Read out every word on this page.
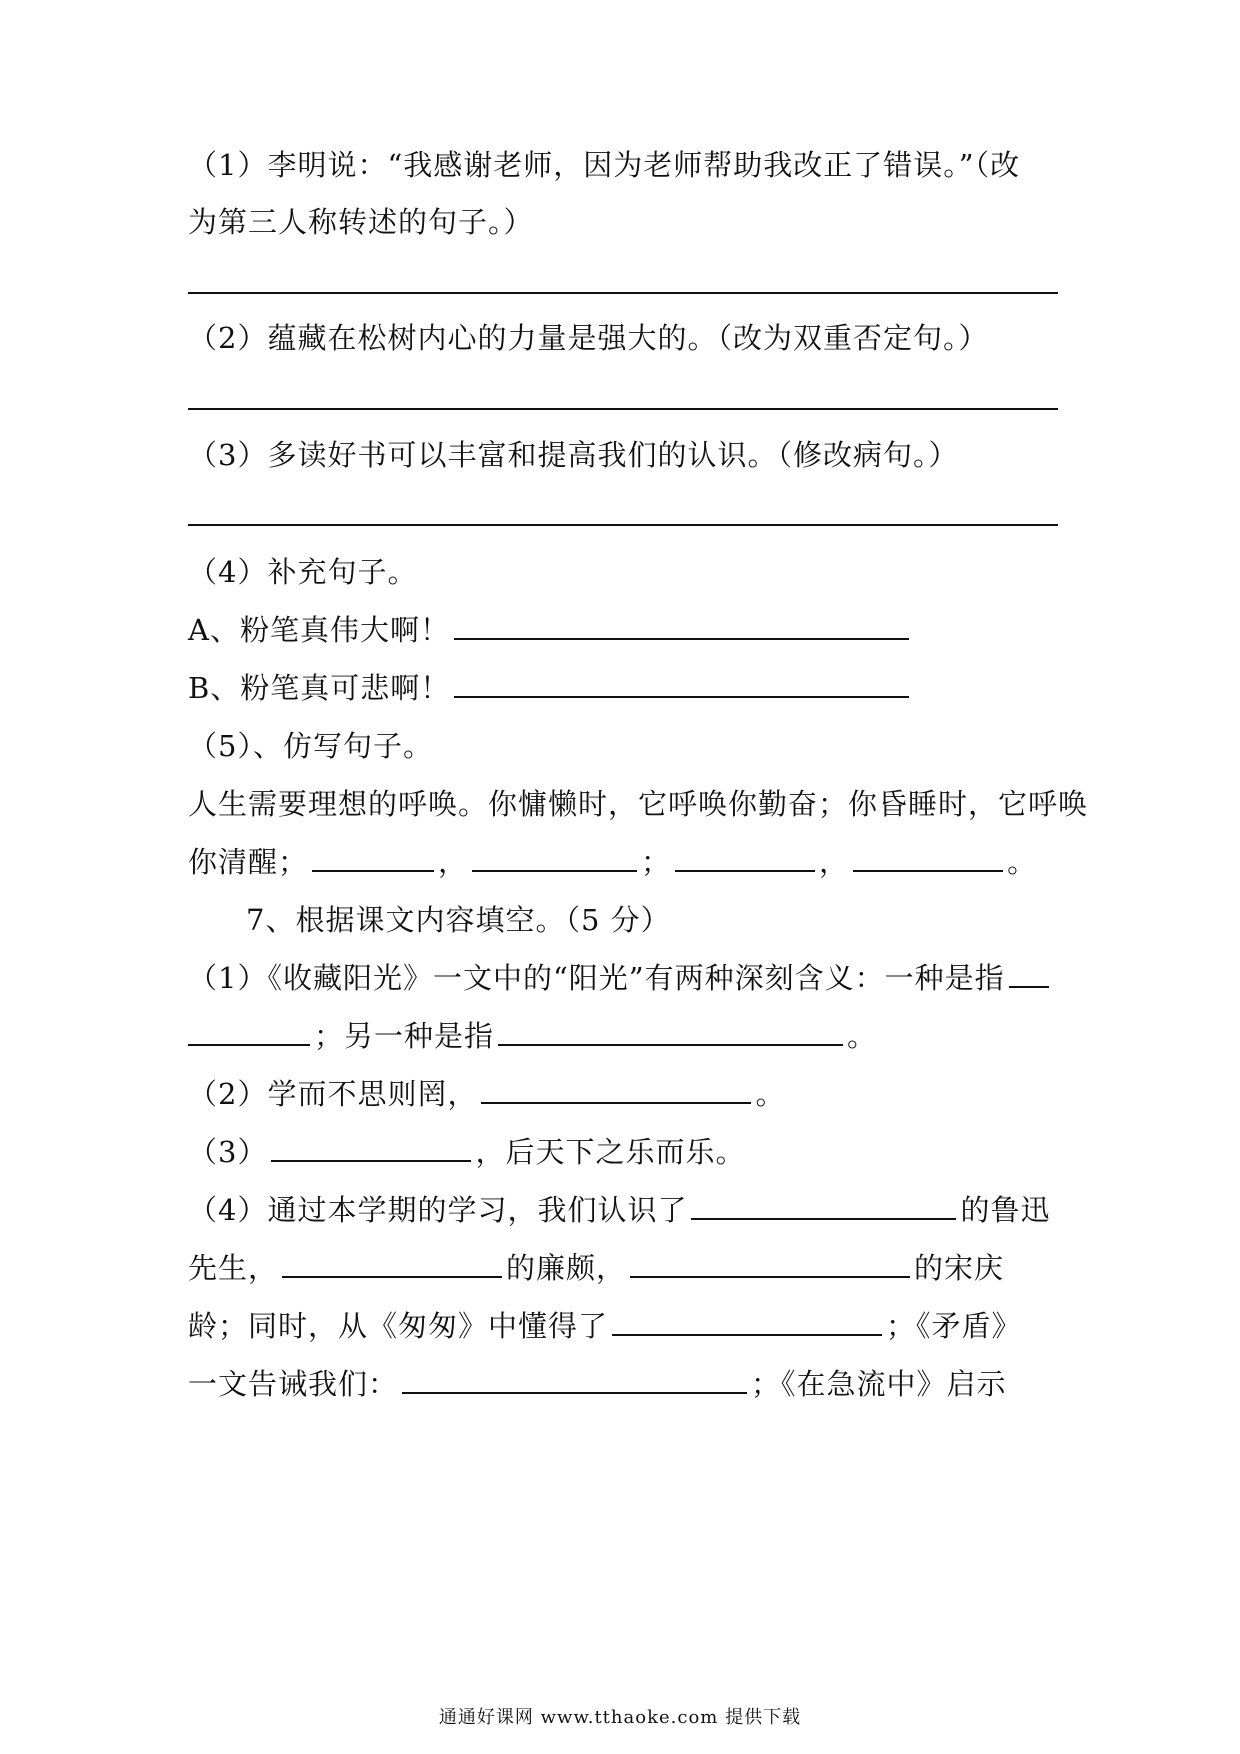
（1）李明说：“我感谢老师，因为老师帮助我改正了错误。”（改
为第三人称转述的句子。）
（2）蕴藏在松树内心的力量是强大的。（改为双重否定句。）
（3）多读好书可以丰富和提高我们的认识。（修改病句。）
（4）补充句子。
A、粉笔真伟大啊！
B、粉笔真可悲啊！
（5）、仿写句子。
人生需要理想的呼唤。你慵懒时，它呼唤你勤奋；你昏睡时，它呼唤
你清醒；	，	；	，	。
7、根据课文内容填空。（5 分）
（1）《收藏阳光》一文中的“阳光”有两种深刻含义：一种是指
；另一种是指	。
（2）学而不思则罔，	。
（3）	，后天下之乐而乐。
（4）通过本学期的学习，我们认识了	的鲁迅
先生，	的廉颇，	的宋庆
龄；同时，从《匆匆》中懂得了	；《矛盾》
一文告诫我们：	；《在急流中》启示
通通好课网 www.tthaoke.com 提供下载
